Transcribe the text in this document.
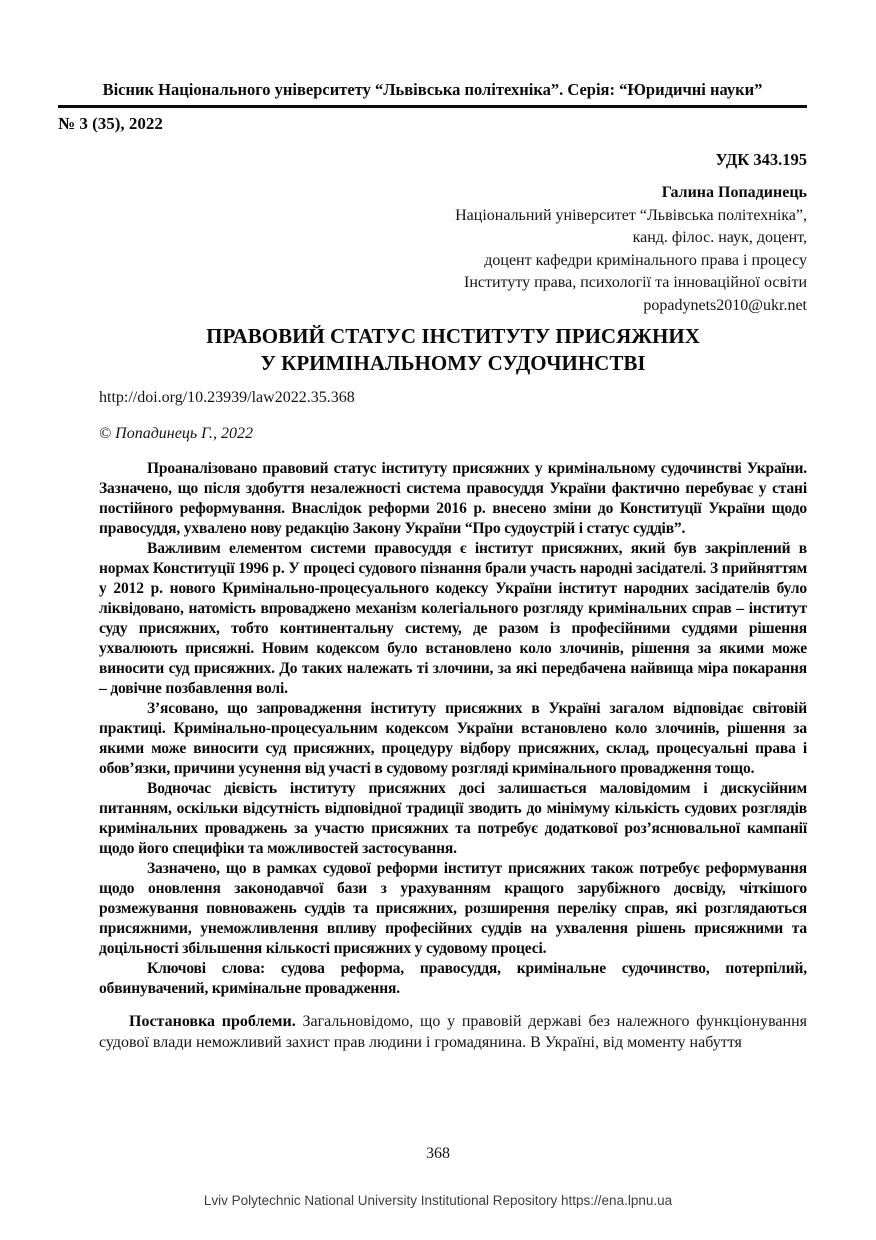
Вісник Національного університету “Львівська політехніка”. Серія: “Юридичні науки”
№ 3 (35), 2022
УДК 343.195
Галина Попадинець
Національний університет “Львівська політехніка”,
канд. філос. наук, доцент,
доцент кафедри кримінального права і процесу
Інституту права, психології та інноваційної освіти
popadynets2010@ukr.net
ПРАВОВИЙ СТАТУС ІНСТИТУТУ ПРИСЯЖНИХ
У КРИМІНАЛЬНОМУ СУДОЧИНСТВІ
http://doi.org/10.23939/law2022.35.368
© Попадинець Г., 2022

Проаналізовано правовий статус інституту присяжних у кримінальному судочинстві України. Зазначено, що після здобуття незалежності система правосуддя України фактично перебуває у стані постійного реформування. Внаслідок реформи 2016 р. внесено зміни до Конституції України щодо правосуддя, ухвалено нову редакцію Закону України “Про судоустрій і статус суддів”.

Важливим елементом системи правосуддя є інститут присяжних, який був закріплений в нормах Конституції 1996 р. У процесі судового пізнання брали участь народні засідателі. З прийняттям у 2012 р. нового Кримінально-процесуального кодексу України інститут народних засідателів було ліквідовано, натомість впроваджено механізм колегіального розгляду кримінальних справ – інститут суду присяжних, тобто континентальну систему, де разом із професійними суддями рішення ухвалюють присяжні. Новим кодексом було встановлено коло злочинів, рішення за якими може виносити суд присяжних. До таких належать ті злочини, за які передбачена найвища міра покарання – довічне позбавлення волі.

З’ясовано, що запровадження інституту присяжних в Україні загалом відповідає світовій практиці. Кримінально-процесуальним кодексом України встановлено коло злочинів, рішення за якими може виносити суд присяжних, процедуру відбору присяжних, склад, процесуальні права і обов’язки, причини усунення від участі в судовому розгляді кримінального провадження тощо.

Водночас дієвість інституту присяжних досі залишається маловідомим і дискусійним питанням, оскільки відсутність відповідної традиції зводить до мінімуму кількість судових розглядів кримінальних проваджень за участю присяжних та потребує додаткової роз’яснювальної кампанії щодо його специфіки та можливостей застосування.

Зазначено, що в рамках судової реформи інститут присяжних також потребує реформування щодо оновлення законодавчої бази з урахуванням кращого зарубіжного досвіду, чіткішого розмежування повноважень суддів та присяжних, розширення переліку справ, які розглядаються присяжними, унеможливлення впливу професійних суддів на ухвалення рішень присяжними та доцільності збільшення кількості присяжних у судовому процесі.

Ключові слова: судова реформа, правосуддя, кримінальне судочинство, потерпілий, обвинувачений, кримінальне провадження.

Постановка проблеми. Загальновідомо, що у правовій державі без належного функціонування судової влади неможливий захист прав людини і громадянина. В Україні, від моменту набуття

368
Lviv Polytechnic National University Institutional Repository https://ena.lpnu.ua
